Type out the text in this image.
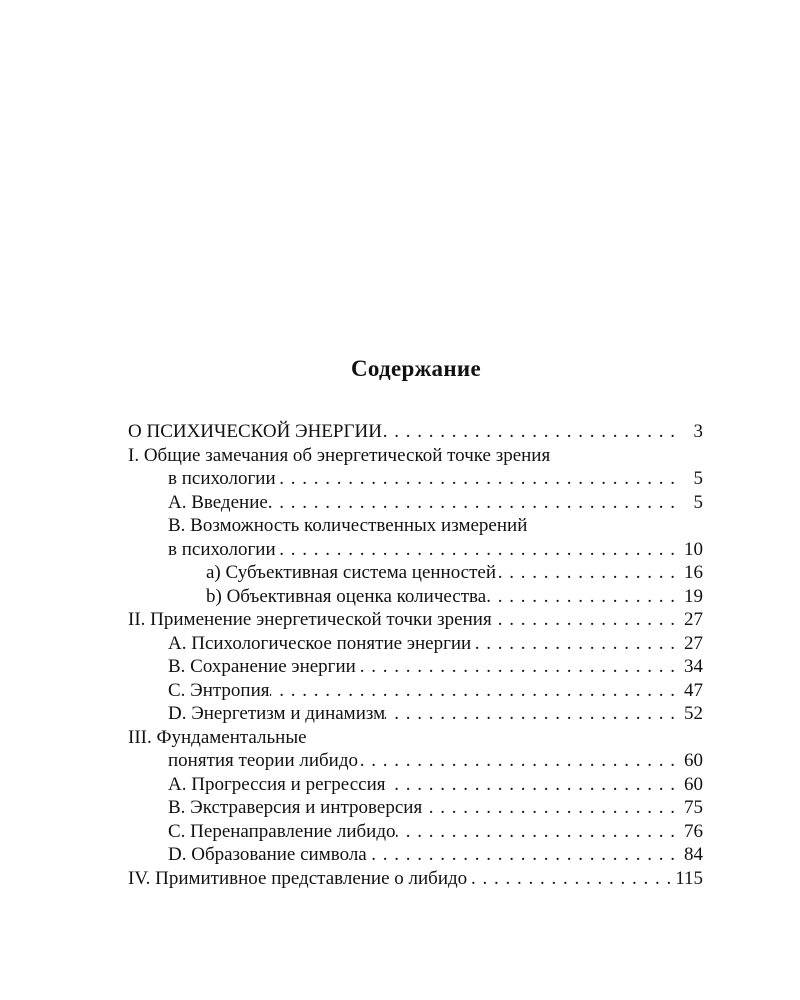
Содержание
О ПСИХИЧЕСКОЙ ЭНЕРГИИ . . .	3
I. Общие замечания об энергетической точке зрения
в психологии . . .	5
А. Введение . . .	5
В. Возможность количественных измерений
в психологии . . .	10
а) Субъективная система ценностей . . .	16
b) Объективная оценка количества . . .	19
II. Применение энергетической точки зрения . . .	27
А. Психологическое понятие энергии . . .	27
В. Сохранение энергии . . .	34
С. Энтропия . . .	47
D. Энергетизм и динамизм . . .	52
III. Фундаментальные
понятия теории либидо . . .	60
А. Прогрессия и регрессия . . .	60
В. Экстраверсия и интроверсия . . .	75
С. Перенаправление либидо . . .	76
D. Образование символа . . .	84
IV. Примитивное представление о либидо . . .	115
